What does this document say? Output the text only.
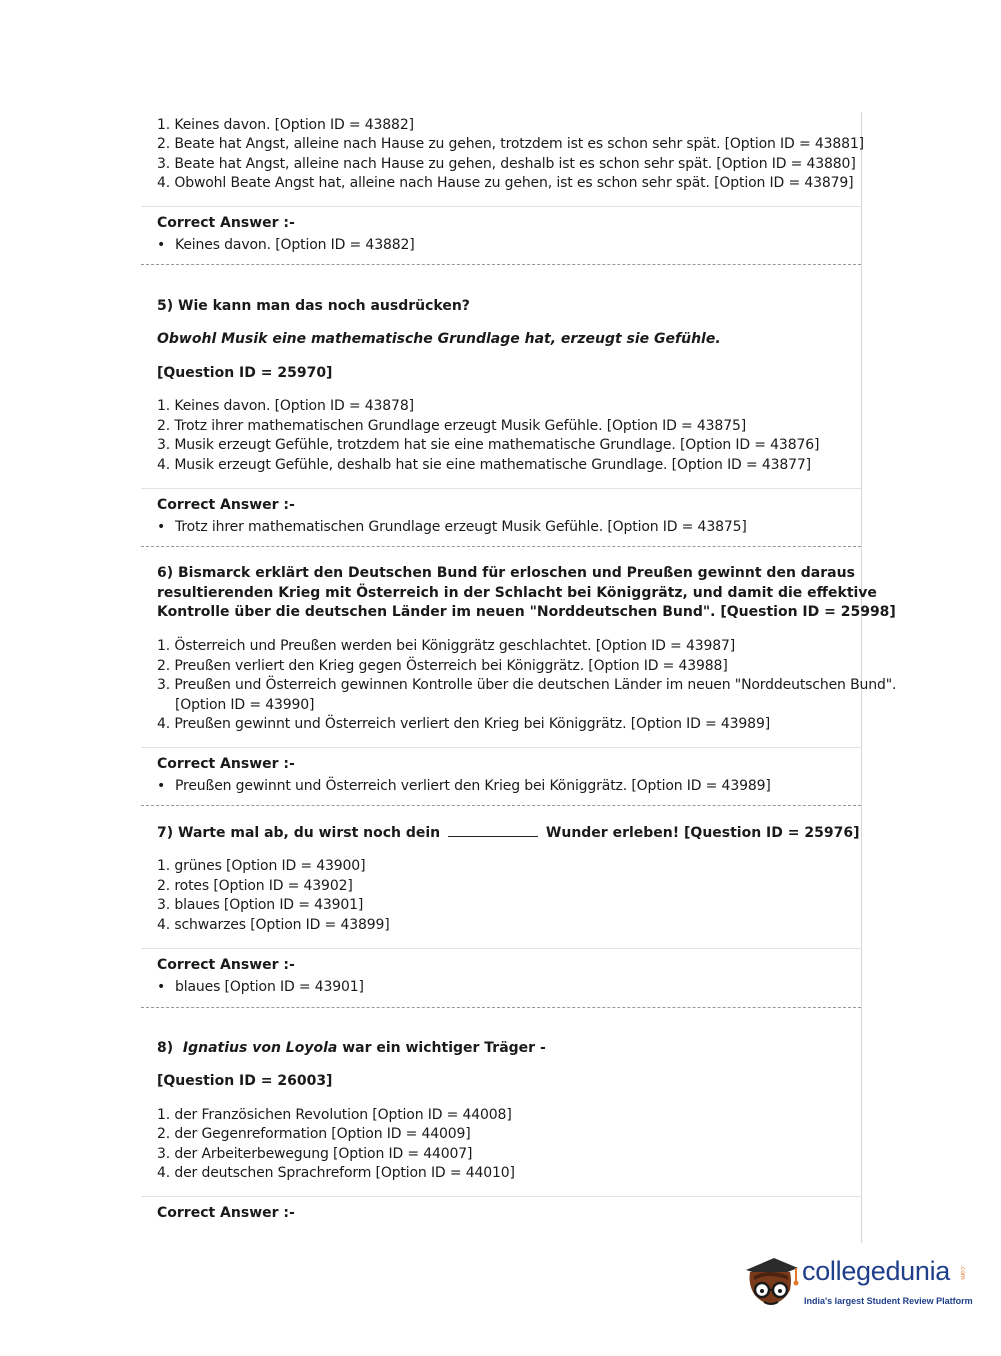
1. Keines davon. [Option ID = 43882]
2. Beate hat Angst, alleine nach Hause zu gehen, trotzdem ist es schon sehr spät. [Option ID = 43881]
3. Beate hat Angst, alleine nach Hause zu gehen, deshalb ist es schon sehr spät. [Option ID = 43880]
4. Obwohl Beate Angst hat, alleine nach Hause zu gehen, ist es schon sehr spät. [Option ID = 43879]
Correct Answer :-
• Keines davon. [Option ID = 43882]
5) Wie kann man das noch ausdrücken?
Obwohl Musik eine mathematische Grundlage hat, erzeugt sie Gefühle.
[Question ID = 25970]
1. Keines davon. [Option ID = 43878]
2. Trotz ihrer mathematischen Grundlage erzeugt Musik Gefühle. [Option ID = 43875]
3. Musik erzeugt Gefühle, trotzdem hat sie eine mathematische Grundlage. [Option ID = 43876]
4. Musik erzeugt Gefühle, deshalb hat sie eine mathematische Grundlage. [Option ID = 43877]
Correct Answer :-
• Trotz ihrer mathematischen Grundlage erzeugt Musik Gefühle. [Option ID = 43875]
6) Bismarck erklärt den Deutschen Bund für erloschen und Preußen gewinnt den daraus
resultierenden Krieg mit Österreich in der Schlacht bei Königgrätz, und damit die effektive
Kontrolle über die deutschen Länder im neuen "Norddeutschen Bund". [Question ID = 25998]
1. Österreich und Preußen werden bei Königgrätz geschlachtet. [Option ID = 43987]
2. Preußen verliert den Krieg gegen Österreich bei Königgrätz. [Option ID = 43988]
3. Preußen und Österreich gewinnen Kontrolle über die deutschen Länder im neuen "Norddeutschen Bund".
[Option ID = 43990]
4. Preußen gewinnt und Österreich verliert den Krieg bei Königgrätz. [Option ID = 43989]
Correct Answer :-
• Preußen gewinnt und Österreich verliert den Krieg bei Königgrätz. [Option ID = 43989]
7) Warte mal ab, du wirst noch dein	Wunder erleben! [Question ID = 25976]
1. grünes [Option ID = 43900]
2. rotes [Option ID = 43902]
3. blaues [Option ID = 43901]
4. schwarzes [Option ID = 43899]
Correct Answer :-
• blaues [Option ID = 43901]
8) Ignatius von Loyola war ein wichtiger Träger -
[Question ID = 26003]
1. der Französichen Revolution [Option ID = 44008]
2. der Gegenreformation [Option ID = 44009]
3. der Arbeiterbewegung [Option ID = 44007]
4. der deutschen Sprachreform [Option ID = 44010]
Correct Answer :-
collegedunia .com
India's largest Student Review Platform
